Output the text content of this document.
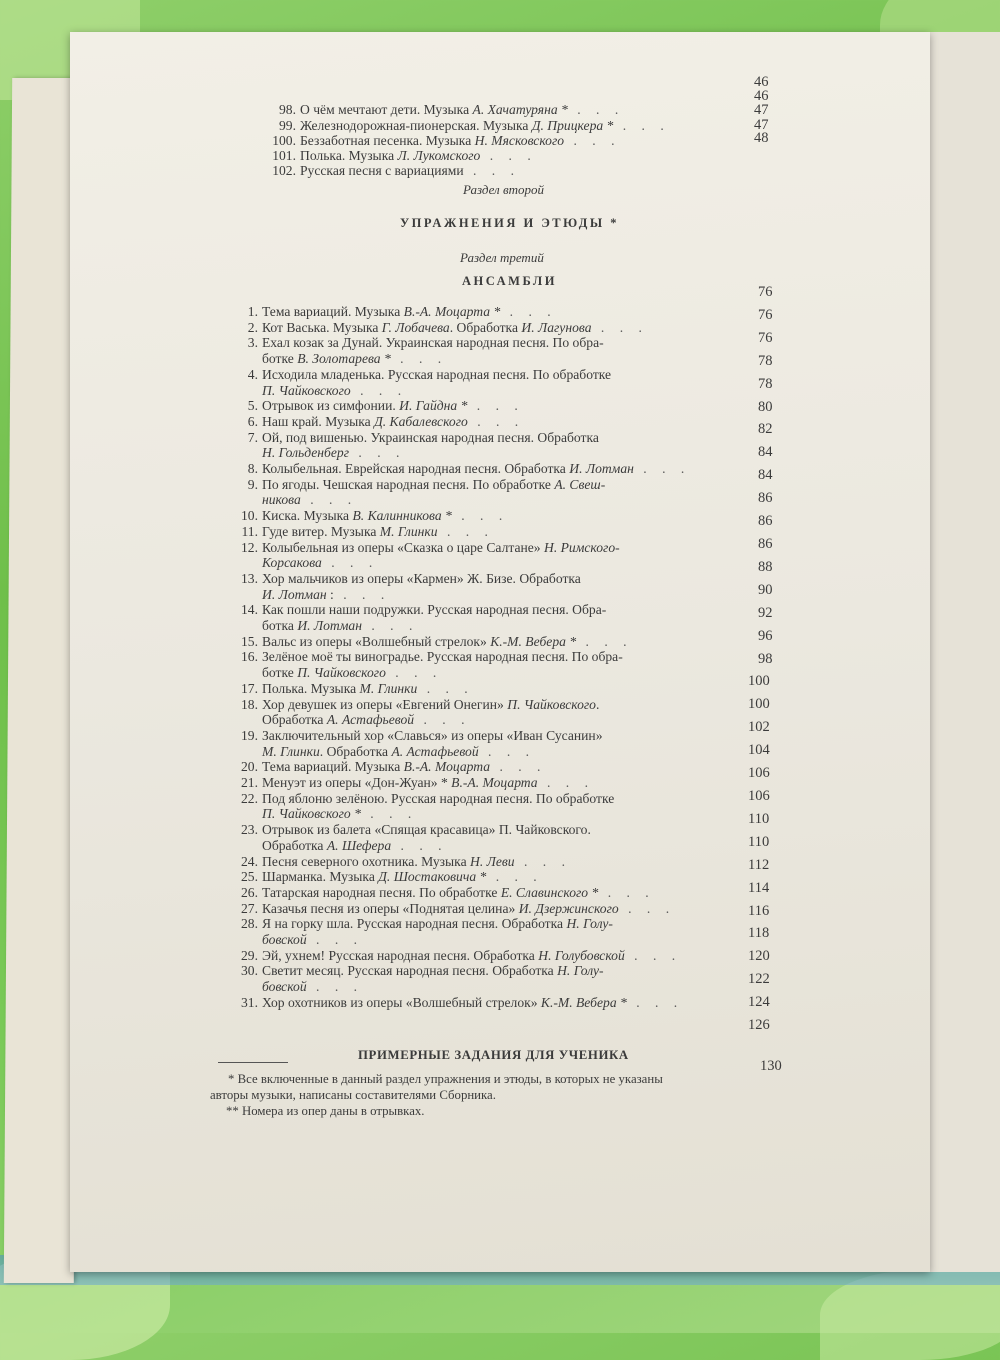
98. О чём мечтают дети. Музыка А. Хачатуряна * . . .
99. Железнодорожная-пионерская. Музыка Д. Прицкера * . . .
100. Беззаботная песенка. Музыка Н. Мясковского . . .
101. Полька. Музыка Л. Лукомского . . .
102. Русская песня с вариациями . . .
46
46
47
47
48
Раздел второй
УПРАЖНЕНИЯ И ЭТЮДЫ *
Раздел третий
АНСАМБЛИ
1. Тема вариаций. Музыка В.-А. Моцарта * . . .
2. Кот Васька. Музыка Г. Лобачева. Обработка И. Лагунова . . .
3. Ехал козак за Дунай. Украинская народная песня. По обра-
ботке В. Золотарева * . . .
4. Исходила младенька. Русская народная песня. По обработке
П. Чайковского . . .
5. Отрывок из симфонии. И. Гайдна * . . .
6. Наш край. Музыка Д. Кабалевского . . .
7. Ой, под вишенью. Украинская народная песня. Обработка
Н. Гольденберг . . .
8. Колыбельная. Еврейская народная песня. Обработка И. Лотман . . .
9. По ягоды. Чешская народная песня. По обработке А. Свеш-
никова . . .
10. Киска. Музыка В. Калинникова * . . .
11. Гуде витер. Музыка М. Глинки . . .
12. Колыбельная из оперы «Сказка о царе Салтане» Н. Римского-
Корсакова . . .
13. Хор мальчиков из оперы «Кармен» Ж. Бизе. Обработка
И. Лотман : . . .
14. Как пошли наши подружки. Русская народная песня. Обра-
ботка И. Лотман . . .
15. Вальс из оперы «Волшебный стрелок» К.-М. Вебера * . . .
16. Зелёное моё ты виноградье. Русская народная песня. По обра-
ботке П. Чайковского . . .
17. Полька. Музыка М. Глинки . . .
18. Хор девушек из оперы «Евгений Онегин» П. Чайковского.
Обработка А. Астафьевой . . .
19. Заключительный хор «Славься» из оперы «Иван Сусанин»
М. Глинки. Обработка А. Астафьевой . . .
20. Тема вариаций. Музыка В.-А. Моцарта . . .
21. Менуэт из оперы «Дон-Жуан» * В.-А. Моцарта . . .
22. Под яблоню зелёною. Русская народная песня. По обработке
П. Чайковского * . . .
23. Отрывок из балета «Спящая красавица» П. Чайковского.
Обработка А. Шефера . . .
24. Песня северного охотника. Музыка Н. Леви . . .
25. Шарманка. Музыка Д. Шостаковича * . . .
26. Татарская народная песня. По обработке Е. Славинского * . . .
27. Казачья песня из оперы «Поднятая целина» И. Дзержинского . . .
28. Я на горку шла. Русская народная песня. Обработка Н. Голу-
бовской . . .
29. Эй, ухнем! Русская народная песня. Обработка Н. Голубовской . . .
30. Светит месяц. Русская народная песня. Обработка Н. Голу-
бовской . . .
31. Хор охотников из оперы «Волшебный стрелок» К.-М. Вебера * . . .
76
76
76
78
78
80
82
84
84
86
86
86
88
90
92
96
98
100
100
102
104
106
106
110
110
112
114
116
118
120
122
124
126
ПРИМЕРНЫЕ ЗАДАНИЯ ДЛЯ УЧЕНИКА
130
* Все включенные в данный раздел упражнения и этюды, в которых не указаны
авторы музыки, написаны составителями Сборника.
** Номера из опер даны в отрывках.
